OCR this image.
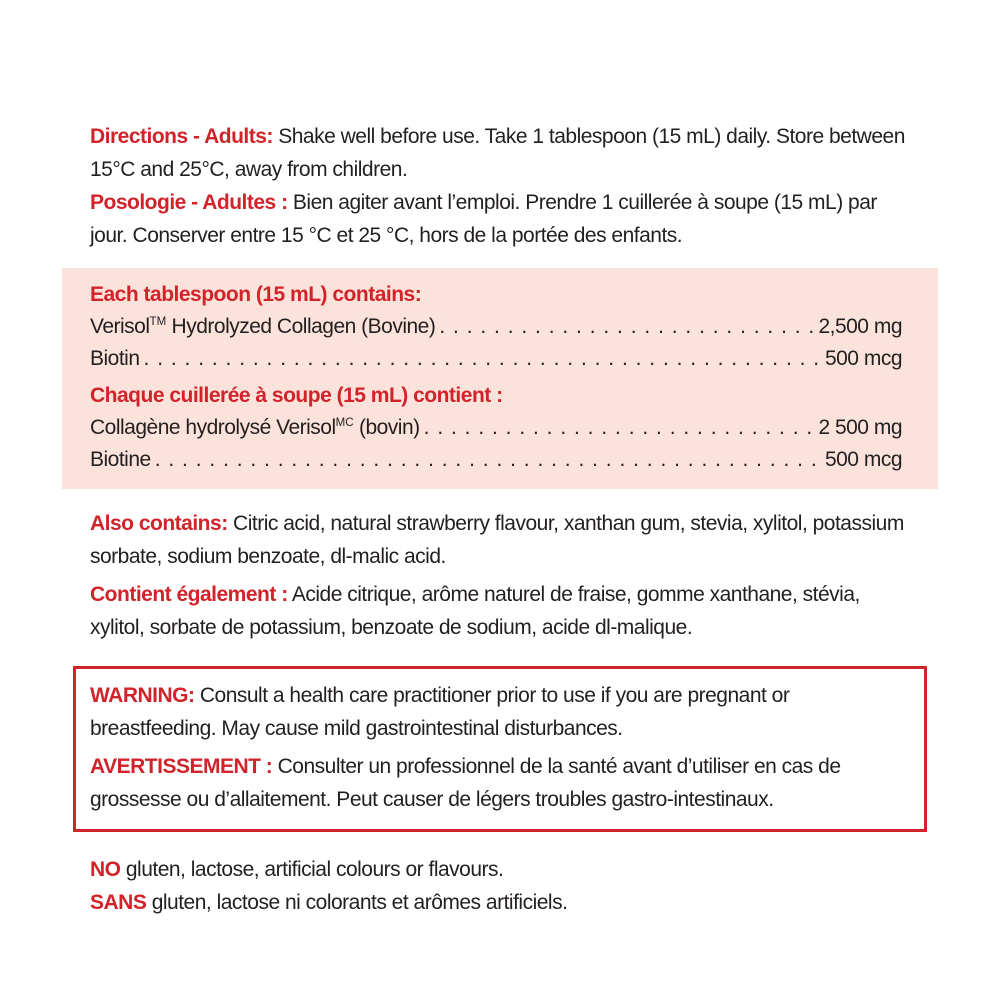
Directions - Adults: Shake well before use. Take 1 tablespoon (15 mL) daily. Store between 15°C and 25°C, away from children.

Posologie - Adultes : Bien agiter avant l’emploi. Prendre 1 cuillerée à soupe (15 mL) par jour. Conserver entre 15 °C et 25 °C, hors de la portée des enfants.

Each tablespoon (15 mL) contains:
Verisol™ Hydrolyzed Collagen (Bovine) . . .	2,500 mg
Biotin . . .	500 mcg
Chaque cuillerée à soupe (15 mL) contient :
Collagène hydrolysé Verisol$^{MC}$ (bovin) . . .	2 500 mg
Biotine . . .	500 mcg

Also contains: Citric acid, natural strawberry flavour, xanthan gum, stevia, xylitol, potassium sorbate, sodium benzoate, dl-malic acid.

Contient également : Acide citrique, arôme naturel de fraise, gomme xanthane, stévia, xylitol, sorbate de potassium, benzoate de sodium, acide dl-malique.

WARNING: Consult a health care practitioner prior to use if you are pregnant or breastfeeding. May cause mild gastrointestinal disturbances.

AVERTISSEMENT : Consulter un professionnel de la santé avant d’utiliser en cas de grossesse ou d’allaitement. Peut causer de légers troubles gastro-intestinaux.

NO gluten, lactose, artificial colours or flavours.

SANS gluten, lactose ni colorants et arômes artificiels.
